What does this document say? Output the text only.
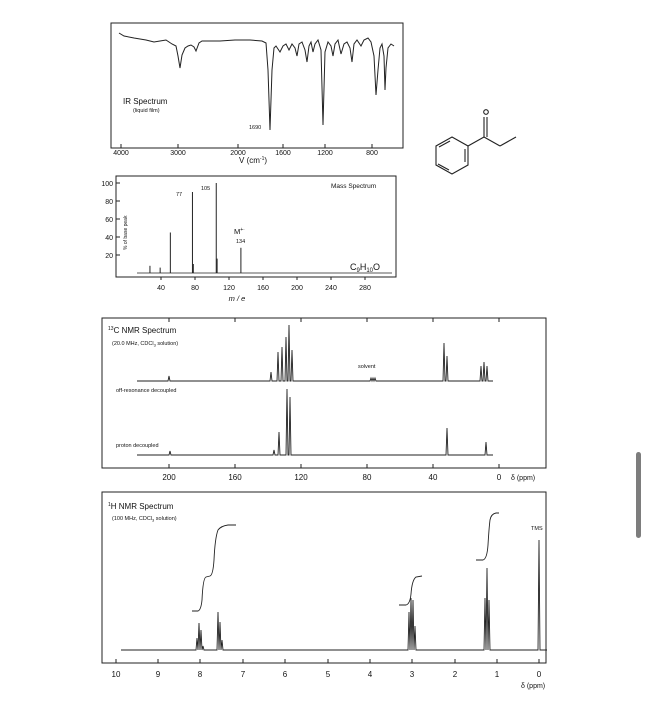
IR Spectrum
(liquid film)
1690
4000	3000	2000	1600	1200	800
V $(cm^{-1})$
100
80
60
40
20
% of base peak
77
105
M+·
134
Mass Spectrum
$C_9H_{10}O$
40	80	120	160	200	240	280
m / e
$^{13}$C NMR Spectrum
(20.0 MHz, CDCl$_3$ solution)
solvent
off-resonance decoupled
proton decoupled
200	160	120	80	40	0 δ (ppm)
$^1$H NMR Spectrum
(100 MHz, CDCl$_3$ solution)
TMS
10	9	8	7	6	5	4	3	2	1	0
δ (ppm)
